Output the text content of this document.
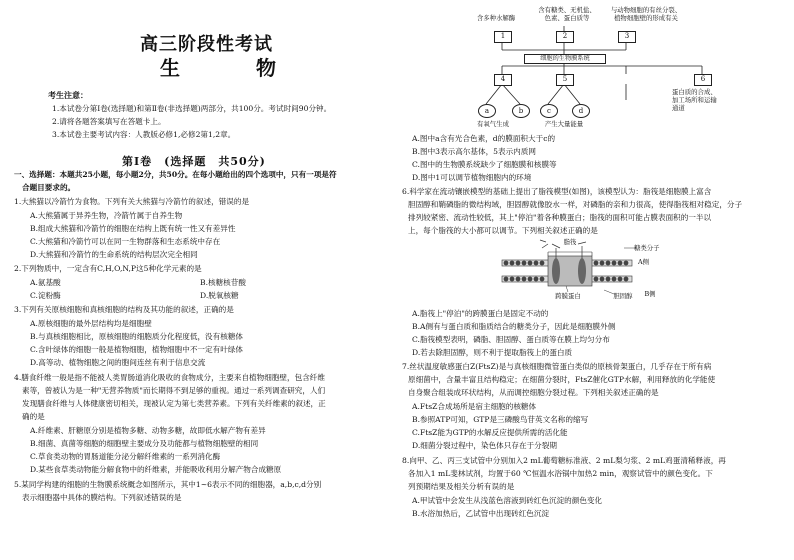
高三阶段性考试
生　物
考生注意：
1.本试卷分第Ⅰ卷(选择题)和第Ⅱ卷(非选择题)两部分，共100分。考试时间90分钟。
2.请将各题答案填写在答题卡上。
3.本试卷主要考试内容：人教版必修1,必修2第1,2章。
第Ⅰ卷　(选择题　共50分)
一、选择题：本题共25小题，每小题2分，共50分。在每小题给出的四个选项中，只有一项是符
合题目要求的。
1.大熊猫以冷箭竹为食物。下列有关大熊猫与冷箭竹的叙述，错误的是
A.大熊猫属于异养生物，冷箭竹属于自养生物
B.组成大熊猫和冷箭竹的细胞在结构上既有统一性又有差异性
C.大熊猫和冷箭竹可以在同一生物群落和生态系统中存在
D.大熊猫和冷箭竹的生命系统的结构层次完全相同
2.下列物质中，一定含有C,H,O,N,P这5种化学元素的是
A.氨基酸	B.核糖核苷酸
C.淀粉酶	D.脱氧核糖
3.下列有关原核细胞和真核细胞的结构及其功能的叙述，正确的是
A.原核细胞的最外层结构均是细胞壁
B.与真核细胞相比，原核细胞的细胞质分化程度低，没有核糖体
C.含叶绿体的细胞一般是植物细胞，植物细胞中不一定有叶绿体
D.高等动、植物细胞之间的胞间连丝有利于信息交流
4.膳食纤维一般是指不能被人类胃肠道消化吸收的食物成分，主要来自植物细胞壁，包含纤维
素等，曾被认为是一种"无营养物质"而长期得不到足够的重视。通过一系列调查研究，人们
发现膳食纤维与人体健康密切相关，现被认定为第七类营养素。下列有关纤维素的叙述，正
确的是
A.纤维素、肝糖原分别是植物多糖、动物多糖，故即低水解产物有差异
B.细菌、真菌等细胞的细胞壁主要成分及功能都与植物细胞壁的相同
C.草食类动物的胃肠道能分泌分解纤维素的一系列消化酶
D.某些食草类动物能分解食物中的纤维素，并能吸收利用分解产物合成糖原
5.某同学构建的细胞的生物膜系统概念如图所示，其中1~6表示不同的细胞器，a,b,c,d分别
表示细胞器中具体的膜结构。下列叙述错误的是
含多种水解酶
含有糖类、无机盐、
色素、蛋白质等
与动物细胞的有丝分裂、
植物细胞壁的形成有关
1	2	3
细胞的生物膜系统
4	5	6
a	b	c	d
有氧气生成	产生大量能量
蛋白质的合成、
加工场所和运输
通道
A.图中a含有光合色素，d的膜面积大于c的
B.图中3表示高尔基体，5表示内质网
C.图中的生物膜系统缺少了细胞膜和核膜等
D.图中1可以调节植物细胞内的环境
6.科学家在流动镶嵌模型的基础上提出了脂筏模型(如图)，该模型认为：脂筏是细胞膜上富含
胆固醇和鞘磷脂的微结构域，胆固醇就像胶水一样，对磷脂的亲和力很高，使得脂筏相对稳定，分子
排列较紧密、流动性较低，其上"停泊"着各种膜蛋白；脂筏的面积可能占膜表面积的一半以
上，每个脂筏的大小都可以调节。下列相关叙述正确的是
脂筏
糖类分子
A侧
跨膜蛋白	胆固醇	B侧
A.脂筏上"停泊"的跨膜蛋白是固定不动的
B.A侧有与蛋白质和脂质结合的糖类分子，因此是细胞膜外侧
C.脂筏模型表明，磷脂、胆固醇、蛋白质等在膜上均匀分布
D.若去除胆固醇，则不利于提取脂筏上的蛋白质
7.丝状温度敏感蛋白Z(FtsZ)是与真核细胞微管蛋白类似的原核骨架蛋白，几乎存在于所有病
原细菌中，含量丰富且结构稳定；在细菌分裂时，FtsZ催化GTP水解，利用释放的化学能使
自身聚合组装成环状结构，从而调控细胞分裂过程。下列相关叙述正确的是
A.FtsZ合成场所是宿主细胞的核糖体
B.参照ATP可知，GTP是三磷酸鸟苷英文名称的缩写
C.FtsZ能为GTP的水解反应提供所需的活化能
D.细菌分裂过程中，染色体只存在于分裂期
8.向甲、乙、丙三支试管中分别加入2 mL葡萄糖标准液、2 mL梨匀浆、2 mL鸡蛋清稀释液，再
各加入1 mL斐林试剂，均置于60 ℃恒温水浴锅中加热2 min，观察试管中的颜色变化。下
列预期结果及相关分析有误的是
A.甲试管中会发生从浅蓝色溶液到砖红色沉淀的颜色变化
B.水浴加热后，乙试管中出现砖红色沉淀
